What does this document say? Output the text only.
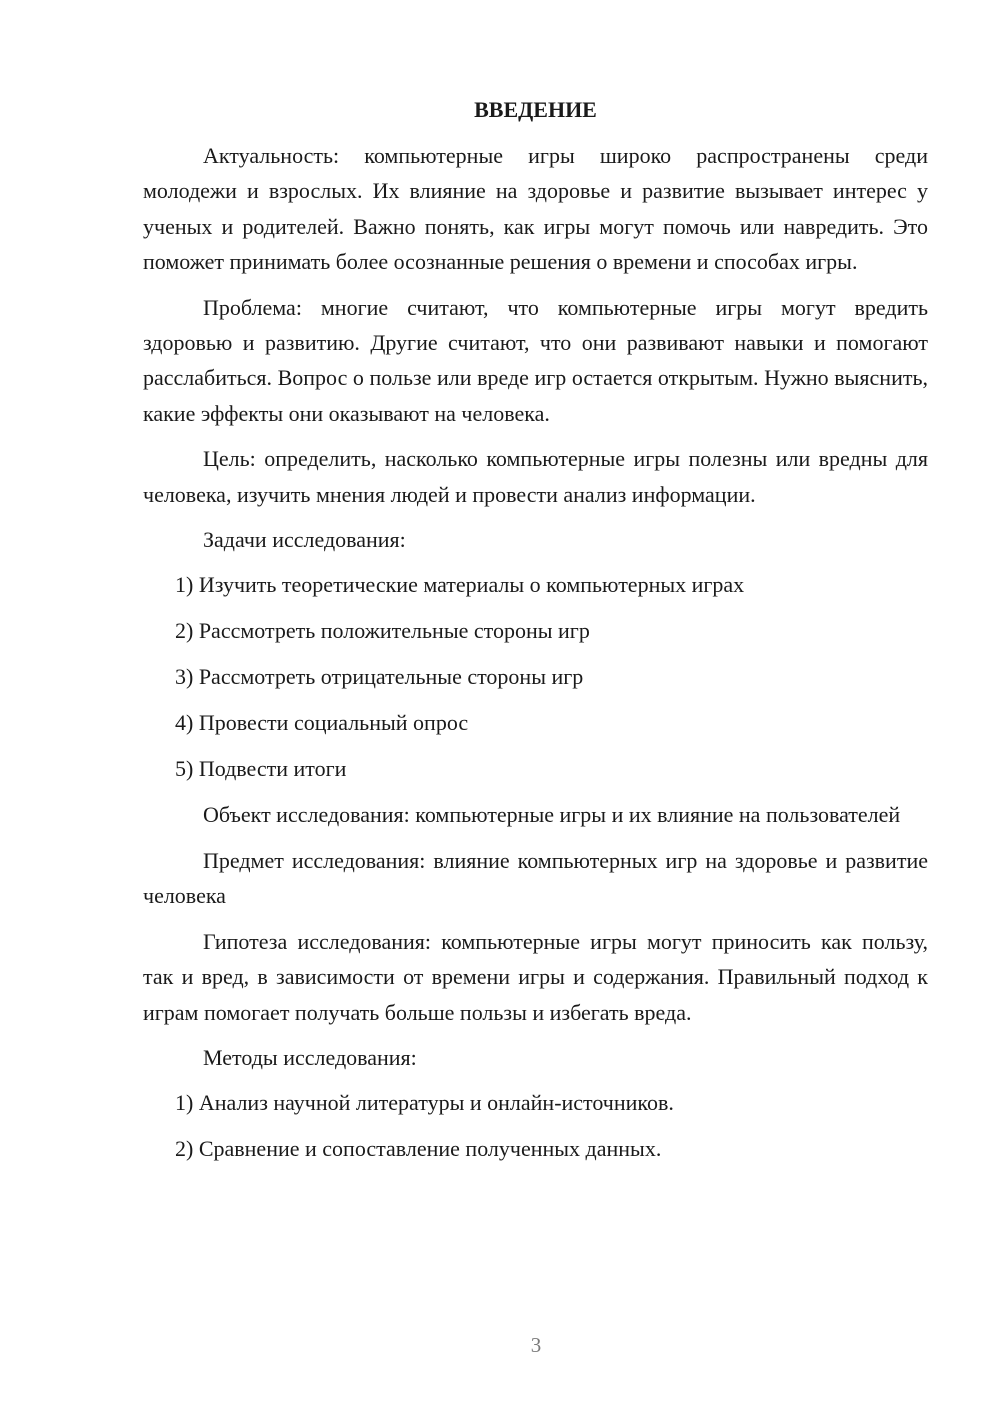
ВВЕДЕНИЕ

Актуальность: компьютерные игры широко распространены среди молодежи и взрослых. Их влияние на здоровье и развитие вызывает интерес у ученых и родителей. Важно понять, как игры могут помочь или навредить. Это поможет принимать более осознанные решения о времени и способах игры.

Проблема: многие считают, что компьютерные игры могут вредить здоровью и развитию. Другие считают, что они развивают навыки и помогают расслабиться. Вопрос о пользе или вреде игр остается открытым. Нужно выяснить, какие эффекты они оказывают на человека.

Цель: определить, насколько компьютерные игры полезны или вредны для человека, изучить мнения людей и провести анализ информации.

Задачи исследования:

1) Изучить теоретические материалы о компьютерных играх
2) Рассмотреть положительные стороны игр
3) Рассмотреть отрицательные стороны игр
4) Провести социальный опрос
5) Подвести итоги

Объект исследования: компьютерные игры и их влияние на пользователей

Предмет исследования: влияние компьютерных игр на здоровье и развитие человека

Гипотеза исследования: компьютерные игры могут приносить как пользу, так и вред, в зависимости от времени игры и содержания. Правильный подход к играм помогает получать больше пользы и избегать вреда.

Методы исследования:

1) Анализ научной литературы и онлайн-источников.
2) Сравнение и сопоставление полученных данных.
3
